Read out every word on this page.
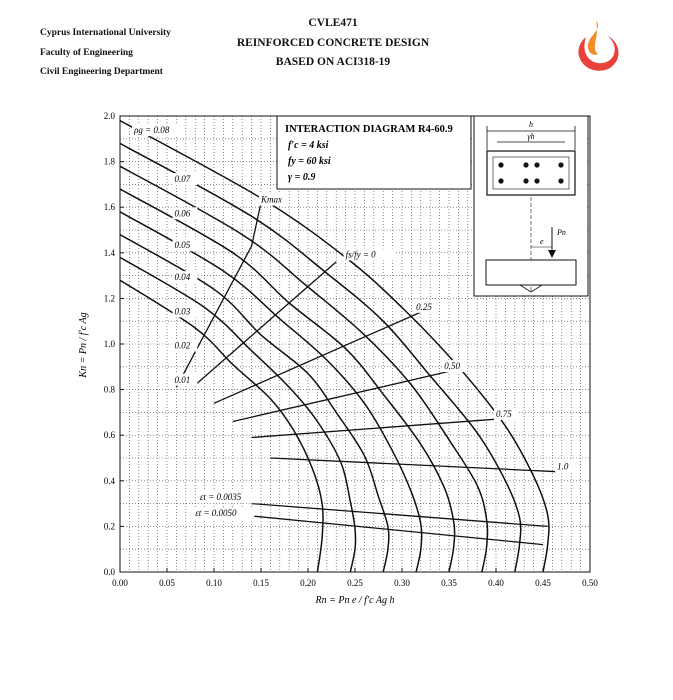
Cyprus International University
Faculty of Engineering
Civil Engineering Department
CVLE471
REINFORCED CONCRETE DESIGN
BASED ON ACI318-19
0.00	0.05	0.10	0.15	0.20	0.25	0.30	0.35	0.40	0.45	0.50
0.0
0.2
0.4
0.6
0.8
1.0
1.2
1.4
1.6
1.8
2.0
INTERACTION DIAGRAM R4-60.9
f′c = 4 ksi
fy = 60 ksi
γ = 0.9
h
γh
Pn
e
ρg = 0.08
0.07
0.06
0.05
0.04
0.03
0.02
0.01
Kmax
fs/fy = 0
0.25
0.50
0.75
1.0
εt = 0.0035
εt = 0.0050
Rn = Pn e / f′c Ag h
Kn = Pn / f′c Ag
